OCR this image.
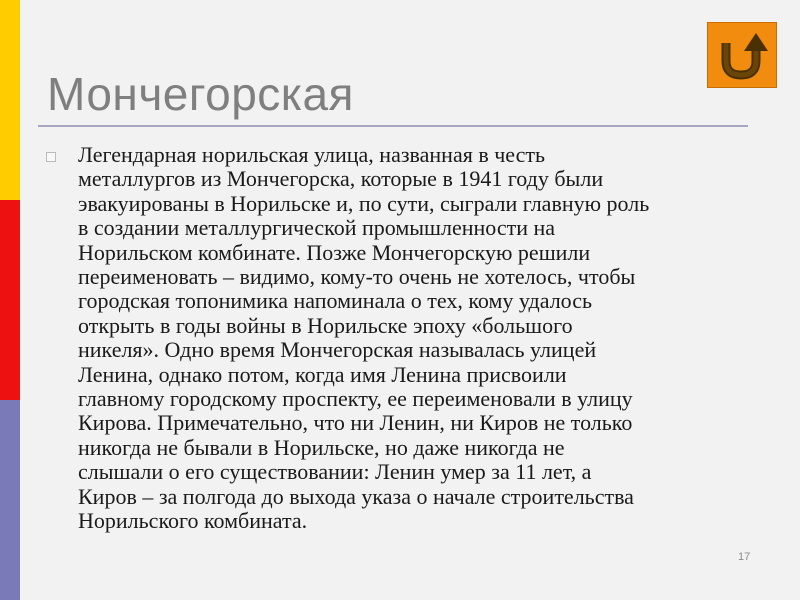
Мончегорская

Легендарная норильская улица, названная в честь
металлургов из Мончегорска, которые в 1941 году были
эвакуированы в Норильске и, по сути, сыграли главную роль
в создании металлургической промышленности на
Норильском комбинате. Позже Мончегорскую решили
переименовать – видимо, кому-то очень не хотелось, чтобы
городская топонимика напоминала о тех, кому удалось
открыть в годы войны в Норильске эпоху «большого
никеля». Одно время Мончегорская называлась улицей
Ленина, однако потом, когда имя Ленина присвоили
главному городскому проспекту, ее переименовали в улицу
Кирова. Примечательно, что ни Ленин, ни Киров не только
никогда не бывали в Норильске, но даже никогда не
слышали о его существовании: Ленин умер за 11 лет, а
Киров – за полгода до выхода указа о начале строительства
Норильского комбината.

17
